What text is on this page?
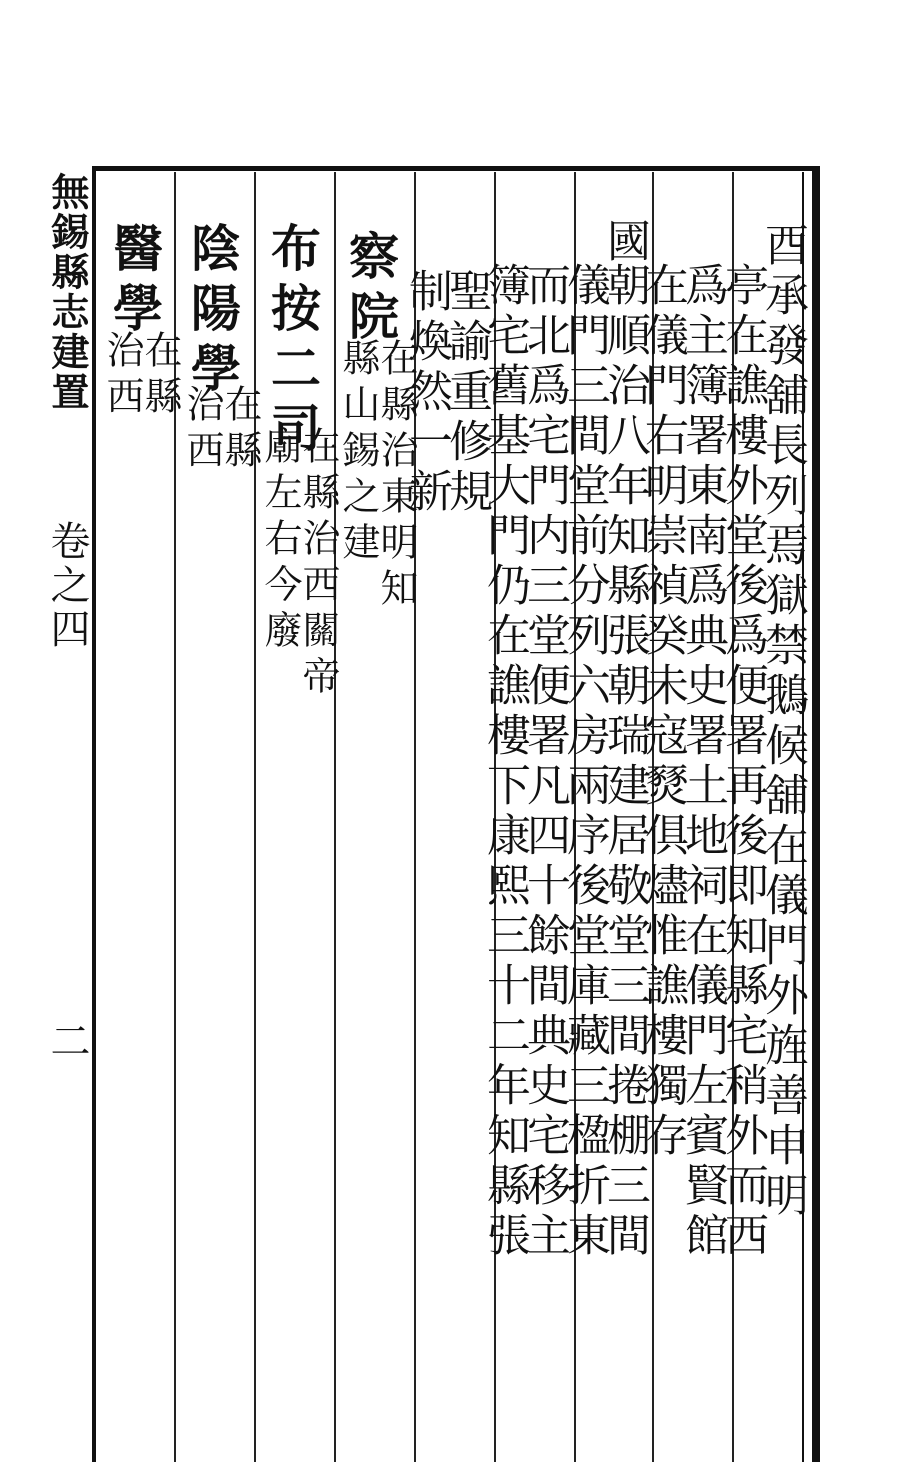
無錫縣志建置
卷之四
二	酉承發舖長列焉獄禁鵝候舖在儀門外旌善申明
亭在譙樓外堂後爲便署再後即知縣宅稍外而西
爲主簿署東南爲典史署土地祠在儀門左賓賢館
在儀門右明崇禎癸未寇燹俱燼惟譙樓獨存
國
朝順治八年知縣張朝瑞建居敬堂三間捲棚三間
儀門三間堂前分列六房兩序後堂庫藏三楹折東
而北爲宅門内三堂便署凡四十餘間典史宅移主
簿宅舊基大門仍在譙樓下康熙三十二年知縣張
聖諭重修規
制煥然一新
察院
在縣治東明知
縣山錫之建
布按二司
在縣治西關帝
廟左右今廢
陰陽學
在縣
治西
醫學
在縣
治西
